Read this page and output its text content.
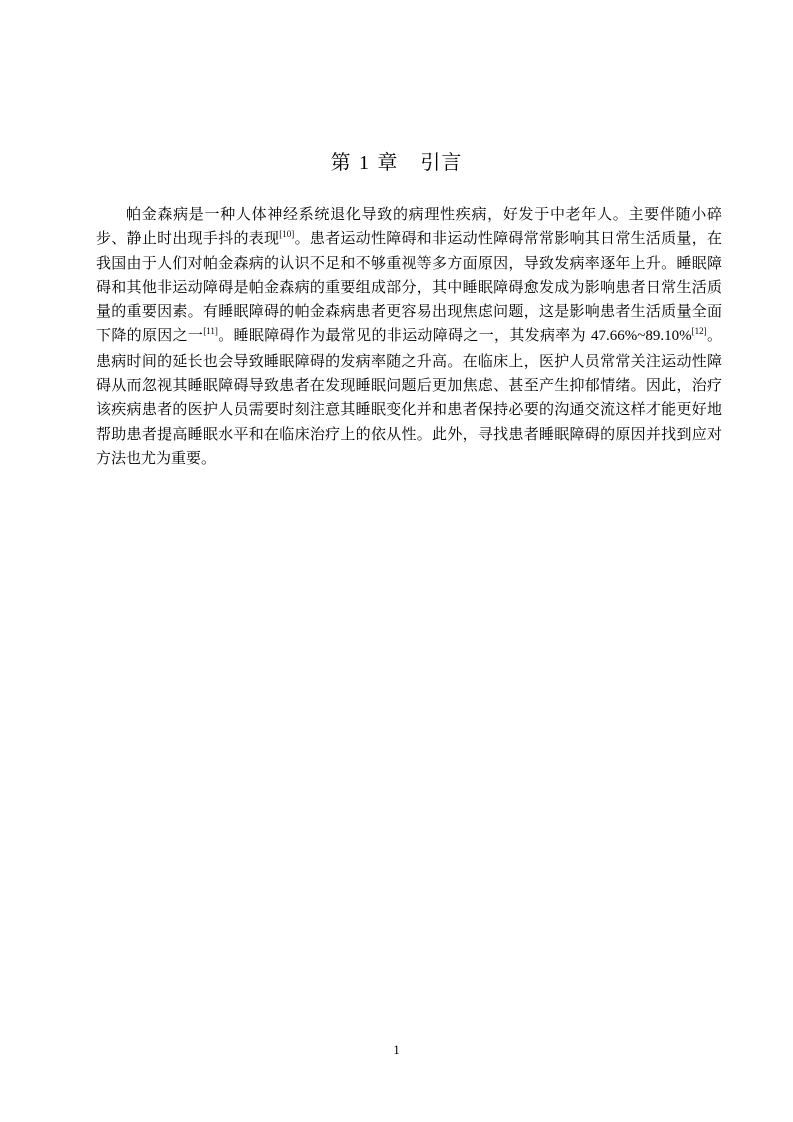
第 1 章 引言

帕金森病是一种人体神经系统退化导致的病理性疾病，好发于中老年人。主要伴随小碎步、静止时出现手抖的表现[10]。患者运动性障碍和非运动性障碍常常影响其日常生活质量，在我国由于人们对帕金森病的认识不足和不够重视等多方面原因，导致发病率逐年上升。睡眠障碍和其他非运动障碍是帕金森病的重要组成部分，其中睡眠障碍愈发成为影响患者日常生活质量的重要因素。有睡眠障碍的帕金森病患者更容易出现焦虑问题，这是影响患者生活质量全面下降的原因之一[11]。睡眠障碍作为最常见的非运动障碍之一，其发病率为 47.66%~89.10%[12]。患病时间的延长也会导致睡眠障碍的发病率随之升高。在临床上，医护人员常常关注运动性障碍从而忽视其睡眠障碍导致患者在发现睡眠问题后更加焦虑、甚至产生抑郁情绪。因此，治疗该疾病患者的医护人员需要时刻注意其睡眠变化并和患者保持必要的沟通交流这样才能更好地帮助患者提高睡眠水平和在临床治疗上的依从性。此外，寻找患者睡眠障碍的原因并找到应对方法也尤为重要。

1
